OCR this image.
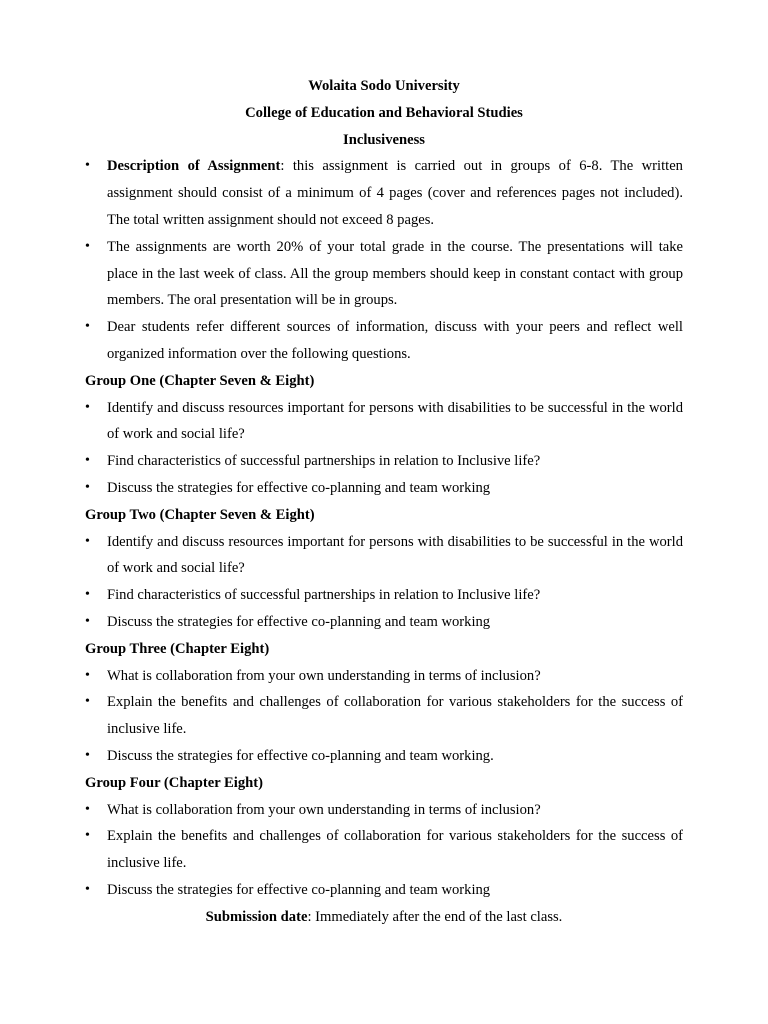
Wolaita Sodo University
College of Education and Behavioral Studies
Inclusiveness
• Description of Assignment: this assignment is carried out in groups of 6-8. The written assignment should consist of a minimum of 4 pages (cover and references pages not included). The total written assignment should not exceed 8 pages.
• The assignments are worth 20% of your total grade in the course. The presentations will take place in the last week of class. All the group members should keep in constant contact with group members. The oral presentation will be in groups.
• Dear students refer different sources of information, discuss with your peers and reflect well organized information over the following questions.
Group One (Chapter Seven & Eight)
• Identify and discuss resources important for persons with disabilities to be successful in the world of work and social life?
• Find characteristics of successful partnerships in relation to Inclusive life?
• Discuss the strategies for effective co-planning and team working
Group Two (Chapter Seven & Eight)
• Identify and discuss resources important for persons with disabilities to be successful in the world of work and social life?
• Find characteristics of successful partnerships in relation to Inclusive life?
• Discuss the strategies for effective co-planning and team working
Group Three (Chapter Eight)
• What is collaboration from your own understanding in terms of inclusion?
• Explain the benefits and challenges of collaboration for various stakeholders for the success of inclusive life.
• Discuss the strategies for effective co-planning and team working.
Group Four (Chapter Eight)
• What is collaboration from your own understanding in terms of inclusion?
• Explain the benefits and challenges of collaboration for various stakeholders for the success of inclusive life.
• Discuss the strategies for effective co-planning and team working
Submission date: Immediately after the end of the last class.
